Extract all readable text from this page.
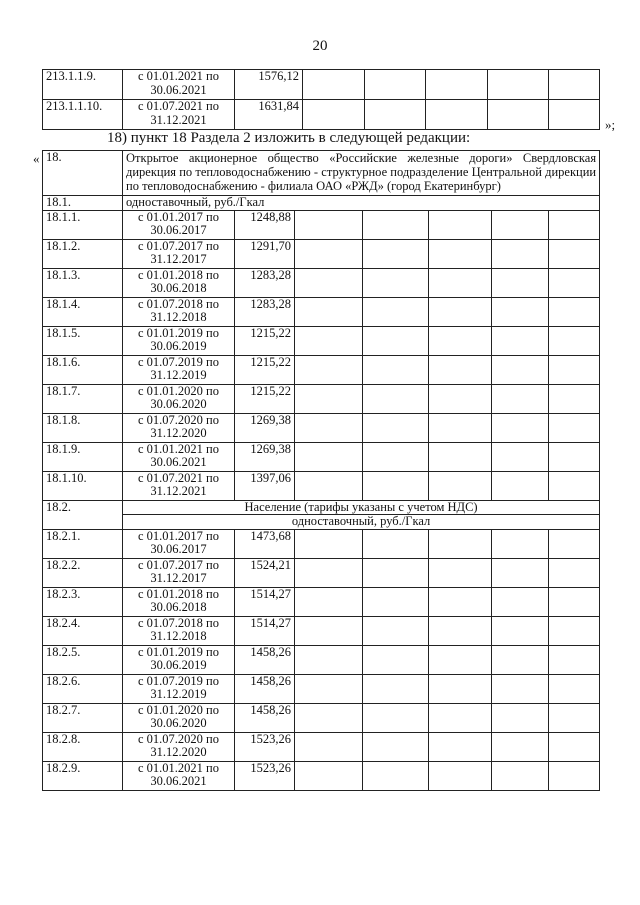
20
213.1.1.9.	с 01.01.2021 по 30.06.2021	1576,12					
213.1.1.10.	с 01.07.2021 по 31.12.2021	1631,84					
»;
18) пункт 18 Раздела 2 изложить в следующей редакции:
« 18.	Открытое акционерное общество «Российские железные дороги» Свердловская дирекция по тепловодоснабжению - структурное подразделение Центральной дирекции по тепловодоснабжению - филиала ОАО «РЖД» (город Екатеринбург)						
18.1.	одноставочный, руб./Гкал						
18.1.1.	с 01.01.2017 по 30.06.2017	1248,88					
18.1.2.	с 01.07.2017 по 31.12.2017	1291,70					
18.1.3.	с 01.01.2018 по 30.06.2018	1283,28					
18.1.4.	с 01.07.2018 по 31.12.2018	1283,28					
18.1.5.	с 01.01.2019 по 30.06.2019	1215,22					
18.1.6.	с 01.07.2019 по 31.12.2019	1215,22					
18.1.7.	с 01.01.2020 по 30.06.2020	1215,22					
18.1.8.	с 01.07.2020 по 31.12.2020	1269,38					
18.1.9.	с 01.01.2021 по 30.06.2021	1269,38					
18.1.10.	с 01.07.2021 по 31.12.2021	1397,06					
18.2.	Население (тарифы указаны с учетом НДС)						
	одноставочный, руб./Гкал						
18.2.1.	с 01.01.2017 по 30.06.2017	1473,68					
18.2.2.	с 01.07.2017 по 31.12.2017	1524,21					
18.2.3.	с 01.01.2018 по 30.06.2018	1514,27					
18.2.4.	с 01.07.2018 по 31.12.2018	1514,27					
18.2.5.	с 01.01.2019 по 30.06.2019	1458,26					
18.2.6.	с 01.07.2019 по 31.12.2019	1458,26					
18.2.7.	с 01.01.2020 по 30.06.2020	1458,26					
18.2.8.	с 01.07.2020 по 31.12.2020	1523,26					
18.2.9.	с 01.01.2021 по 30.06.2021	1523,26					
